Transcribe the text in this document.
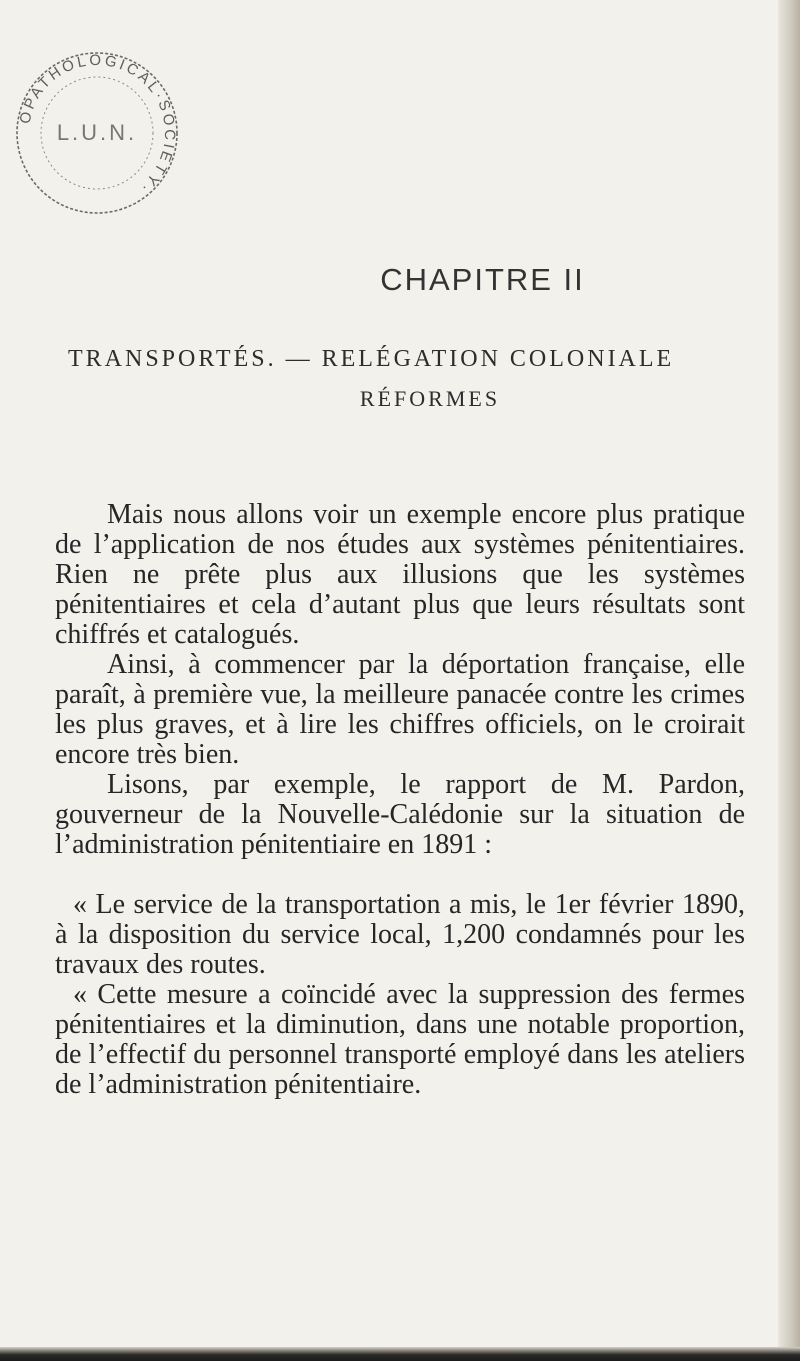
OPATHOLOGICAL·SOCIETY·
L.U.N.
CHAPITRE II
TRANSPORTÉS. — RELÉGATION COLONIALE
RÉFORMES

Mais nous allons voir un exemple encore plus pratique de l’application de nos études aux systèmes pénitentiaires. Rien ne prête plus aux illusions que les systèmes pénitentiaires et cela d’autant plus que leurs résultats sont chiffrés et catalogués.

Ainsi, à commencer par la déportation française, elle paraît, à première vue, la meilleure panacée contre les crimes les plus graves, et à lire les chiffres officiels, on le croirait encore très bien.

Lisons, par exemple, le rapport de M. Pardon, gouverneur de la Nouvelle-Calédonie sur la situation de l’administration pénitentiaire en 1891 :

« Le service de la transportation a mis, le 1er février 1890, à la disposition du service local, 1,200 condamnés pour les travaux des routes.

« Cette mesure a coïncidé avec la suppression des fermes pénitentiaires et la diminution, dans une notable proportion, de l’effectif du personnel transporté employé dans les ateliers de l’administration pénitentiaire.
